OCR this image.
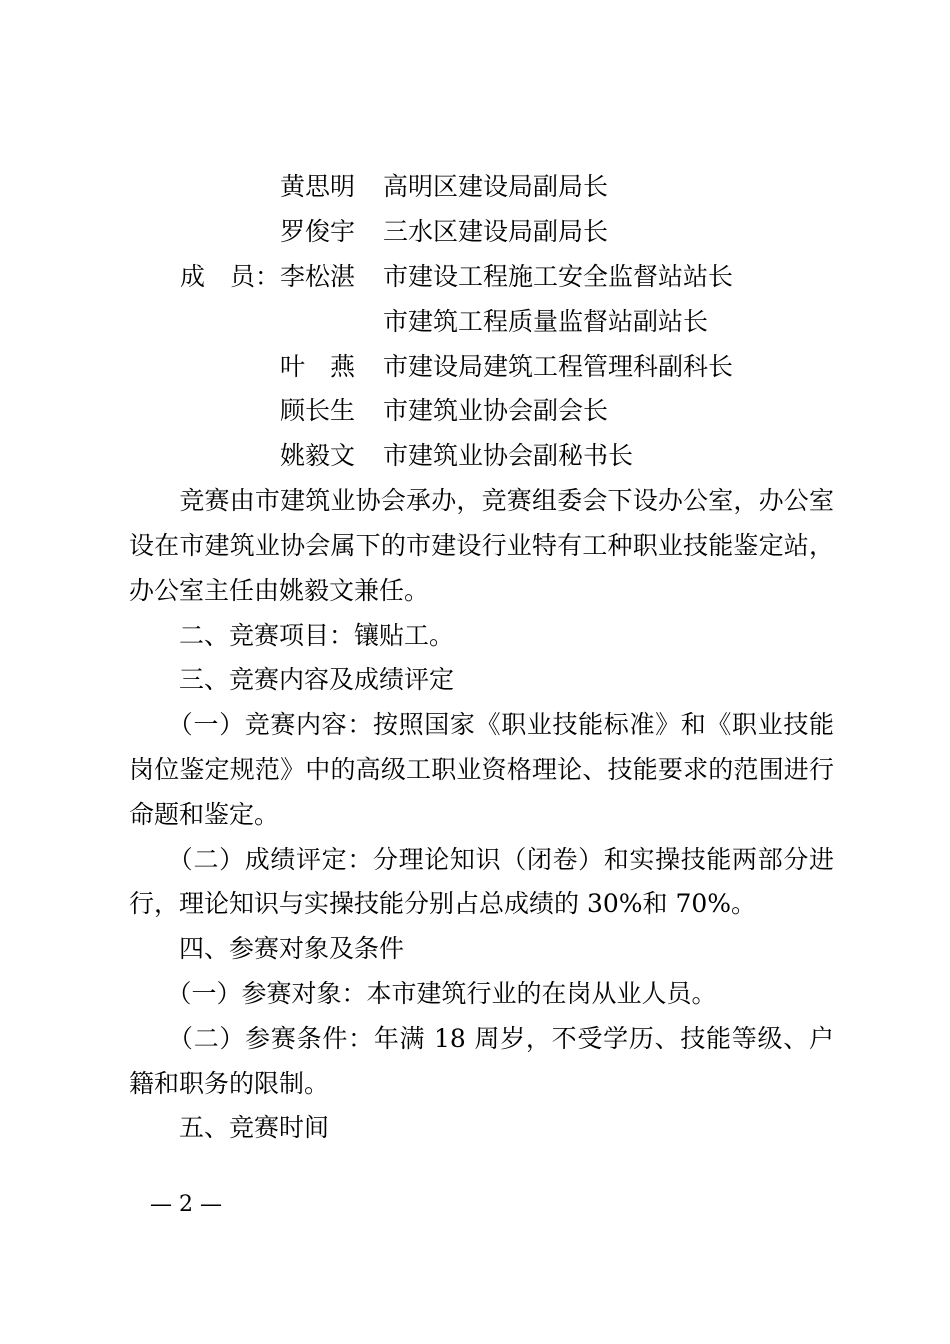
黄思明 高明区建设局副局长
罗俊宇 三水区建设局副局长
成　员： 李松湛 市建设工程施工安全监督站站长
市建筑工程质量监督站副站长
叶　燕 市建设局建筑工程管理科副科长
顾长生 市建筑业协会副会长
姚毅文 市建筑业协会副秘书长
　　竞赛由市建筑业协会承办，竞赛组委会下设办公室，办公室
设在市建筑业协会属下的市建设行业特有工种职业技能鉴定站，
办公室主任由姚毅文兼任。
　　二、竞赛项目：镶贴工。
　　三、竞赛内容及成绩评定
　　（一）竞赛内容：按照国家《职业技能标准》和《职业技能
岗位鉴定规范》中的高级工职业资格理论、技能要求的范围进行
命题和鉴定。
　　（二）成绩评定：分理论知识（闭卷）和实操技能两部分进
行，理论知识与实操技能分别占总成绩的 30%和 70%。
　　四、参赛对象及条件
　　（一）参赛对象：本市建筑行业的在岗从业人员。
　　（二）参赛条件：年满 18 周岁，不受学历、技能等级、户
籍和职务的限制。
　　五、竞赛时间
— 2 —
